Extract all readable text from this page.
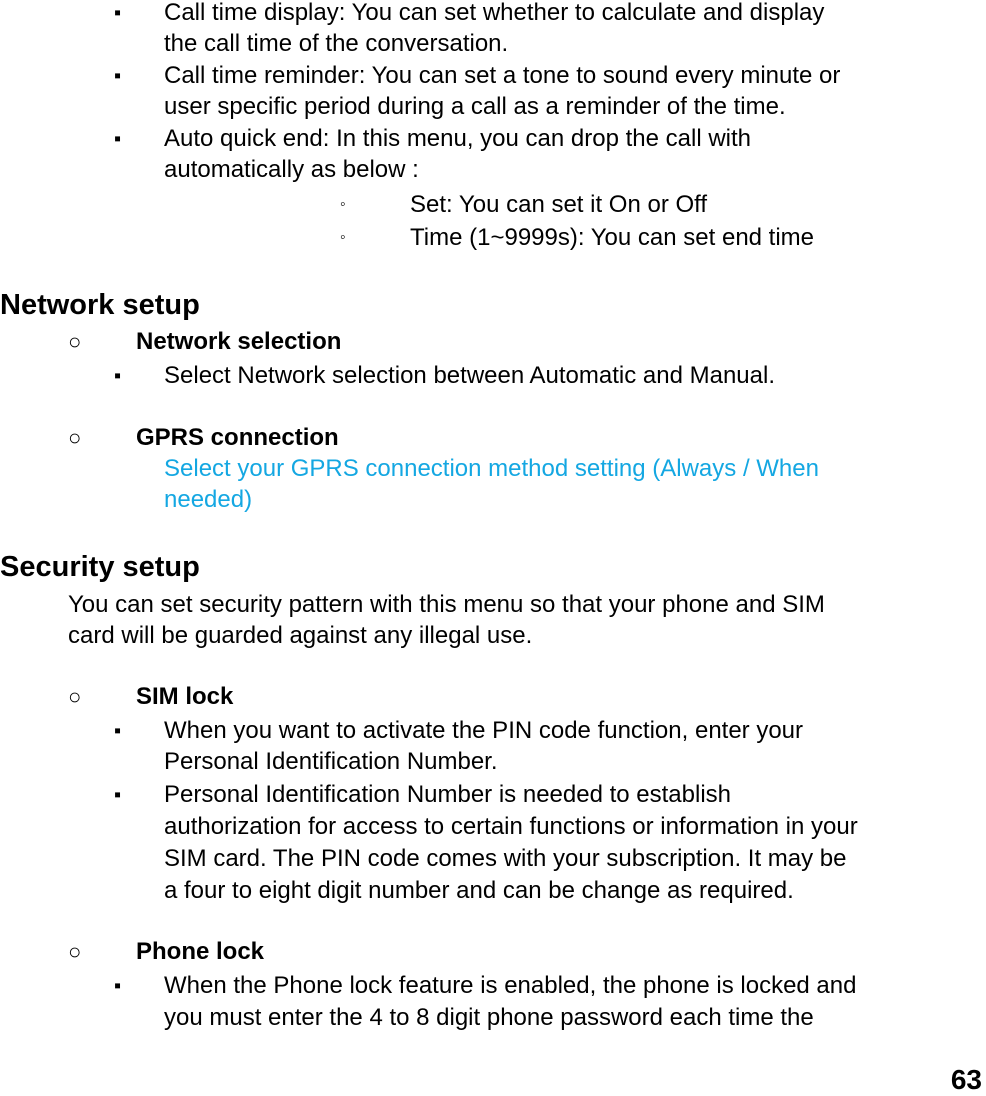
▪ Call time display: You can set whether to calculate and display
the call time of the conversation.
▪ Call time reminder: You can set a tone to sound every minute or
user specific period during a call as a reminder of the time.
▪ Auto quick end: In this menu, you can drop the call with
automatically as below :
◦	Set: You can set it On or Off
◦	Time (1~9999s): You can set end time
Network setup
○ Network selection
▪ Select Network selection between Automatic and Manual.
○ GPRS connection
Select your GPRS connection method setting (Always / When
needed)
Security setup
You can set security pattern with this menu so that your phone and SIM
card will be guarded against any illegal use.
○ SIM lock
▪ When you want to activate the PIN code function, enter your
Personal Identification Number.
▪ Personal Identification Number is needed to establish
authorization for access to certain functions or information in your
SIM card. The PIN code comes with your subscription. It may be
a four to eight digit number and can be change as required.
○ Phone lock
▪ When the Phone lock feature is enabled, the phone is locked and
you must enter the 4 to 8 digit phone password each time the
63
